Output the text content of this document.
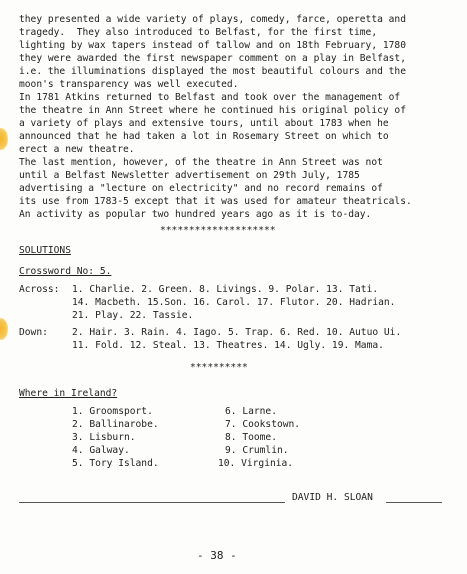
they presented a wide variety of plays, comedy, farce, operetta and
tragedy.  They also introduced to Belfast, for the first time,
lighting by wax tapers instead of tallow and on 18th February, 1780
they were awarded the first newspaper comment on a play in Belfast,
i.e. the illuminations displayed the most beautiful colours and the
moon's transparency was well executed.
In 1781 Atkins returned to Belfast and took over the management of
the theatre in Ann Street where he continued his original policy of
a variety of plays and extensive tours, until about 1783 when he
announced that he had taken a lot in Rosemary Street on which to
erect a new theatre.
The last mention, however, of the theatre in Ann Street was not
until a Belfast Newsletter advertisement on 29th July, 1785
advertising a "lecture on electricity" and no record remains of
its use from 1783-5 except that it was used for amateur theatricals.
An activity as popular two hundred years ago as it is to-day.
********************
SOLUTIONS
Crossword No: 5.
Across: 1. Charlie. 2. Green. 8. Livings. 9. Polar. 13. Tati.
14. Macbeth. 15.Son. 16. Carol. 17. Flutor. 20. Hadrian.
21. Play. 22. Tassie.
Down:	2. Hair. 3. Rain. 4. Iago. 5. Trap. 6. Red. 10. Autuo Ui.
11. Fold. 12. Steal. 13. Theatres. 14. Ugly. 19. Mama.
**********
Where in Ireland?
1. Groomsport.
2. Ballinarobe.
3. Lisburn.
4. Galway.
5. Tory Island.
6. Larne.
7. Cookstown.
8. Toome.
9. Crumlin.
10. Virginia.
DAVID H. SLOAN
- 38 -
